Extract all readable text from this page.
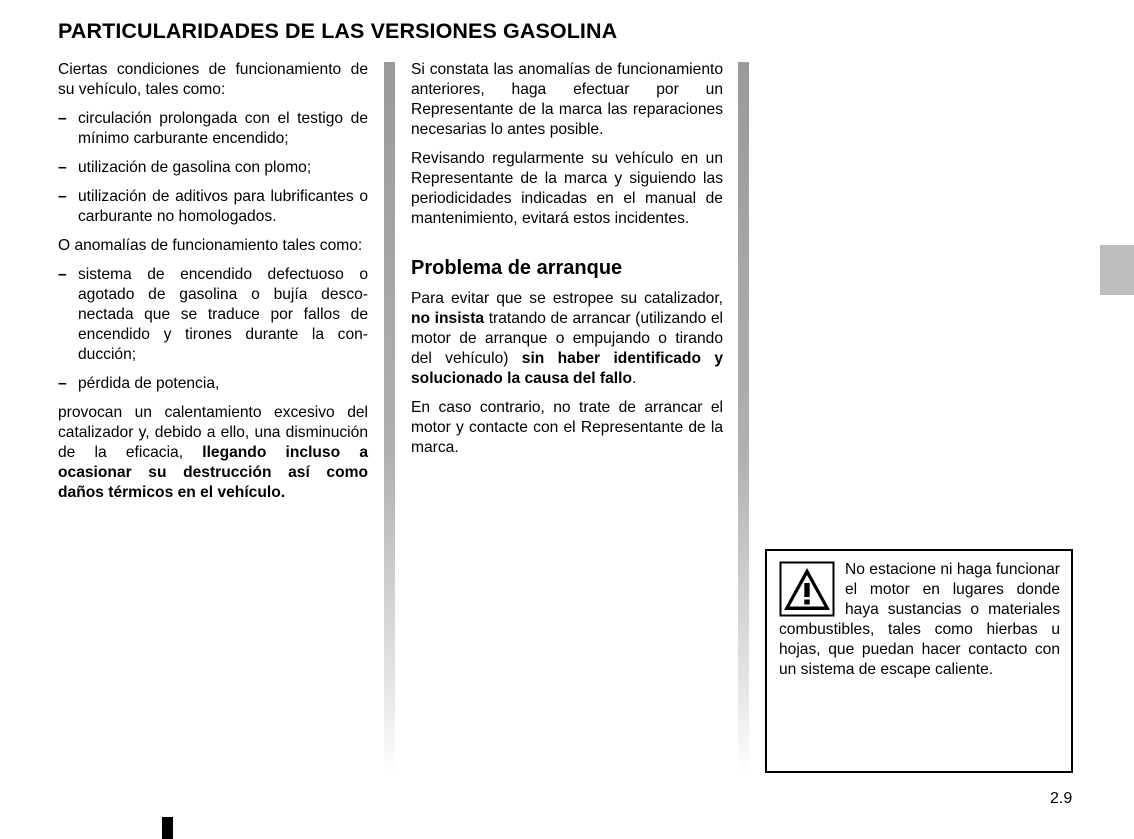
PARTICULARIDADES DE LAS VERSIONES GASOLINA

Ciertas condiciones de funcionamiento de su vehículo, tales como:

– circulación prolongada con el testigo de mínimo carburante encendido;
– utilización de gasolina con plomo;
– utilización de aditivos para lubrificantes o carburante no homologados.

O anomalías de funcionamiento tales como:

– sistema de encendido defectuoso o agotado de gasolina o bujía desconectada que se traduce por fallos de encendido y tirones durante la conducción;
– pérdida de potencia,

provocan un calentamiento excesivo del catalizador y, debido a ello, una disminución de la eficacia, llegando incluso a ocasionar su destrucción así como daños térmicos en el vehículo.

Si constata las anomalías de funcionamiento anteriores, haga efectuar por un Representante de la marca las reparaciones necesarias lo antes posible.

Revisando regularmente su vehículo en un Representante de la marca y siguiendo las periodicidades indicadas en el manual de mantenimiento, evitará estos incidentes.

Problema de arranque

Para evitar que se estropee su catalizador, no insista tratando de arrancar (utilizando el motor de arranque o empujando o tirando del vehículo) sin haber identificado y solucionado la causa del fallo.

En caso contrario, no trate de arrancar el motor y contacte con el Representante de la marca.

No estacione ni haga funcionar el motor en lugares donde haya sustancias o materiales combustibles, tales como hierbas u hojas, que puedan hacer contacto con un sistema de escape caliente.
2.9
